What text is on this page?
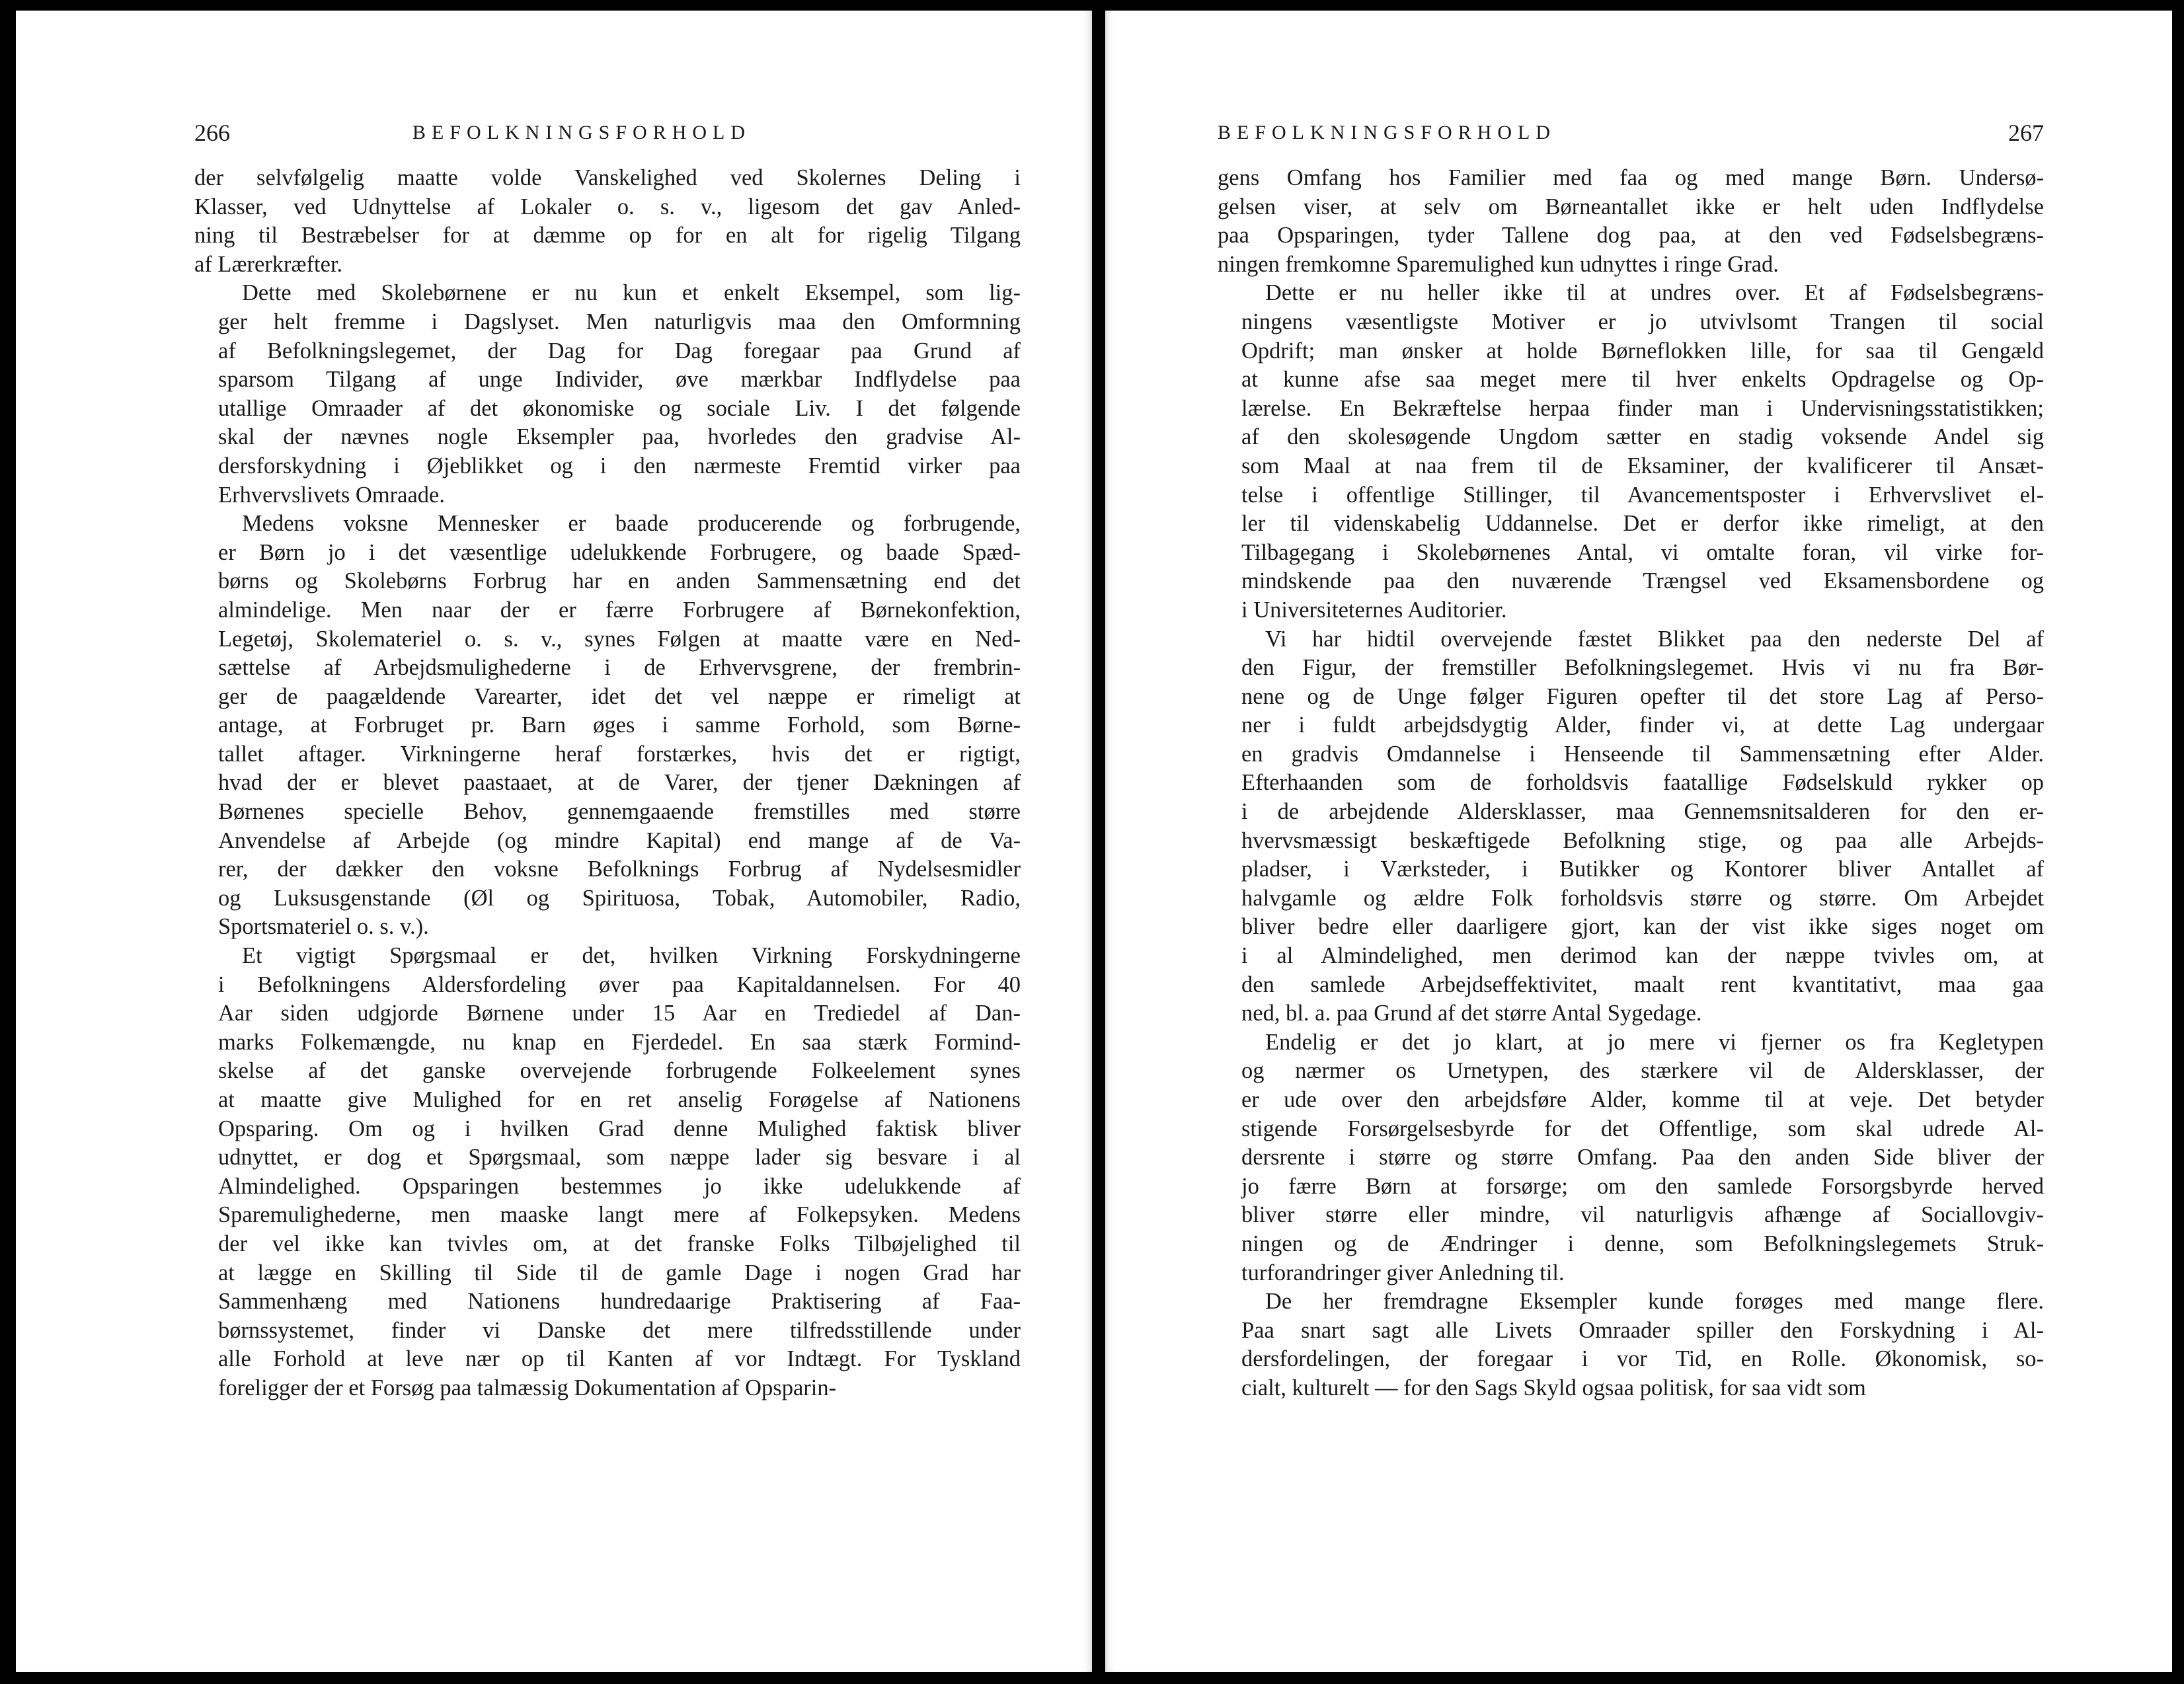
266	BEFOLKNINGSFORHOLD
der selvfølgelig maatte volde Vanskelighed ved Skolernes Deling i
Klasser, ved Udnyttelse af Lokaler o. s. v., ligesom det gav Anled-
ning til Bestræbelser for at dæmme op for en alt for rigelig Tilgang
af Lærerkræfter.
Dette med Skolebørnene er nu kun et enkelt Eksempel, som lig-
ger helt fremme i Dagslyset. Men naturligvis maa den Omformning
af Befolkningslegemet, der Dag for Dag foregaar paa Grund af
sparsom Tilgang af unge Individer, øve mærkbar Indflydelse paa
utallige Omraader af det økonomiske og sociale Liv. I det følgende
skal der nævnes nogle Eksempler paa, hvorledes den gradvise Al-
dersforskydning i Øjeblikket og i den nærmeste Fremtid virker paa
Erhvervslivets Omraade.
Medens voksne Mennesker er baade producerende og forbrugende,
er Børn jo i det væsentlige udelukkende Forbrugere, og baade Spæd-
børns og Skolebørns Forbrug har en anden Sammensætning end det
almindelige. Men naar der er færre Forbrugere af Børnekonfektion,
Legetøj, Skolemateriel o. s. v., synes Følgen at maatte være en Ned-
sættelse af Arbejdsmulighederne i de Erhvervsgrene, der frembrin-
ger de paagældende Varearter, idet det vel næppe er rimeligt at
antage, at Forbruget pr. Barn øges i samme Forhold, som Børne-
tallet aftager. Virkningerne heraf forstærkes, hvis det er rigtigt,
hvad der er blevet paastaaet, at de Varer, der tjener Dækningen af
Børnenes specielle Behov, gennemgaaende fremstilles med større
Anvendelse af Arbejde (og mindre Kapital) end mange af de Va-
rer, der dækker den voksne Befolknings Forbrug af Nydelsesmidler
og Luksusgenstande (Øl og Spirituosa, Tobak, Automobiler, Radio,
Sportsmateriel o. s. v.).
Et vigtigt Spørgsmaal er det, hvilken Virkning Forskydningerne
i Befolkningens Aldersfordeling øver paa Kapitaldannelsen. For 40
Aar siden udgjorde Børnene under 15 Aar en Trediedel af Dan-
marks Folkemængde, nu knap en Fjerdedel. En saa stærk Formind-
skelse af det ganske overvejende forbrugende Folkeelement synes
at maatte give Mulighed for en ret anselig Forøgelse af Nationens
Opsparing. Om og i hvilken Grad denne Mulighed faktisk bliver
udnyttet, er dog et Spørgsmaal, som næppe lader sig besvare i al
Almindelighed. Opsparingen bestemmes jo ikke udelukkende af
Sparemulighederne, men maaske langt mere af Folkepsyken. Medens
der vel ikke kan tvivles om, at det franske Folks Tilbøjelighed til
at lægge en Skilling til Side til de gamle Dage i nogen Grad har
Sammenhæng med Nationens hundredaarige Praktisering af Faa-
børnssystemet, finder vi Danske det mere tilfredsstillende under
alle Forhold at leve nær op til Kanten af vor Indtægt. For Tyskland
foreligger der et Forsøg paa talmæssig Dokumentation af Opsparin-
BEFOLKNINGSFORHOLD	267
gens Omfang hos Familier med faa og med mange Børn. Undersø-
gelsen viser, at selv om Børneantallet ikke er helt uden Indflydelse
paa Opsparingen, tyder Tallene dog paa, at den ved Fødselsbegræns-
ningen fremkomne Sparemulighed kun udnyttes i ringe Grad.
Dette er nu heller ikke til at undres over. Et af Fødselsbegræns-
ningens væsentligste Motiver er jo utvivlsomt Trangen til social
Opdrift; man ønsker at holde Børneflokken lille, for saa til Gengæld
at kunne afse saa meget mere til hver enkelts Opdragelse og Op-
lærelse. En Bekræftelse herpaa finder man i Undervisningsstatistikken;
af den skolesøgende Ungdom sætter en stadig voksende Andel sig
som Maal at naa frem til de Eksaminer, der kvalificerer til Ansæt-
telse i offentlige Stillinger, til Avancementsposter i Erhvervslivet el-
ler til videnskabelig Uddannelse. Det er derfor ikke rimeligt, at den
Tilbagegang i Skolebørnenes Antal, vi omtalte foran, vil virke for-
mindskende paa den nuværende Trængsel ved Eksamensbordene og
i Universiteternes Auditorier.
Vi har hidtil overvejende fæstet Blikket paa den nederste Del af
den Figur, der fremstiller Befolkningslegemet. Hvis vi nu fra Bør-
nene og de Unge følger Figuren opefter til det store Lag af Perso-
ner i fuldt arbejdsdygtig Alder, finder vi, at dette Lag undergaar
en gradvis Omdannelse i Henseende til Sammensætning efter Alder.
Efterhaanden som de forholdsvis faatallige Fødselskuld rykker op
i de arbejdende Aldersklasser, maa Gennemsnitsalderen for den er-
hvervsmæssigt beskæftigede Befolkning stige, og paa alle Arbejds-
pladser, i Værksteder, i Butikker og Kontorer bliver Antallet af
halvgamle og ældre Folk forholdsvis større og større. Om Arbejdet
bliver bedre eller daarligere gjort, kan der vist ikke siges noget om
i al Almindelighed, men derimod kan der næppe tvivles om, at
den samlede Arbejdseffektivitet, maalt rent kvantitativt, maa gaa
ned, bl. a. paa Grund af det større Antal Sygedage.
Endelig er det jo klart, at jo mere vi fjerner os fra Kegletypen
og nærmer os Urnetypen, des stærkere vil de Aldersklasser, der
er ude over den arbejdsføre Alder, komme til at veje. Det betyder
stigende Forsørgelsesbyrde for det Offentlige, som skal udrede Al-
dersrente i større og større Omfang. Paa den anden Side bliver der
jo færre Børn at forsørge; om den samlede Forsorgsbyrde herved
bliver større eller mindre, vil naturligvis afhænge af Sociallovgiv-
ningen og de Ændringer i denne, som Befolkningslegemets Struk-
turforandringer giver Anledning til.
De her fremdragne Eksempler kunde forøges med mange flere.
Paa snart sagt alle Livets Omraader spiller den Forskydning i Al-
dersfordelingen, der foregaar i vor Tid, en Rolle. Økonomisk, so-
cialt, kulturelt — for den Sags Skyld ogsaa politisk, for saa vidt som
